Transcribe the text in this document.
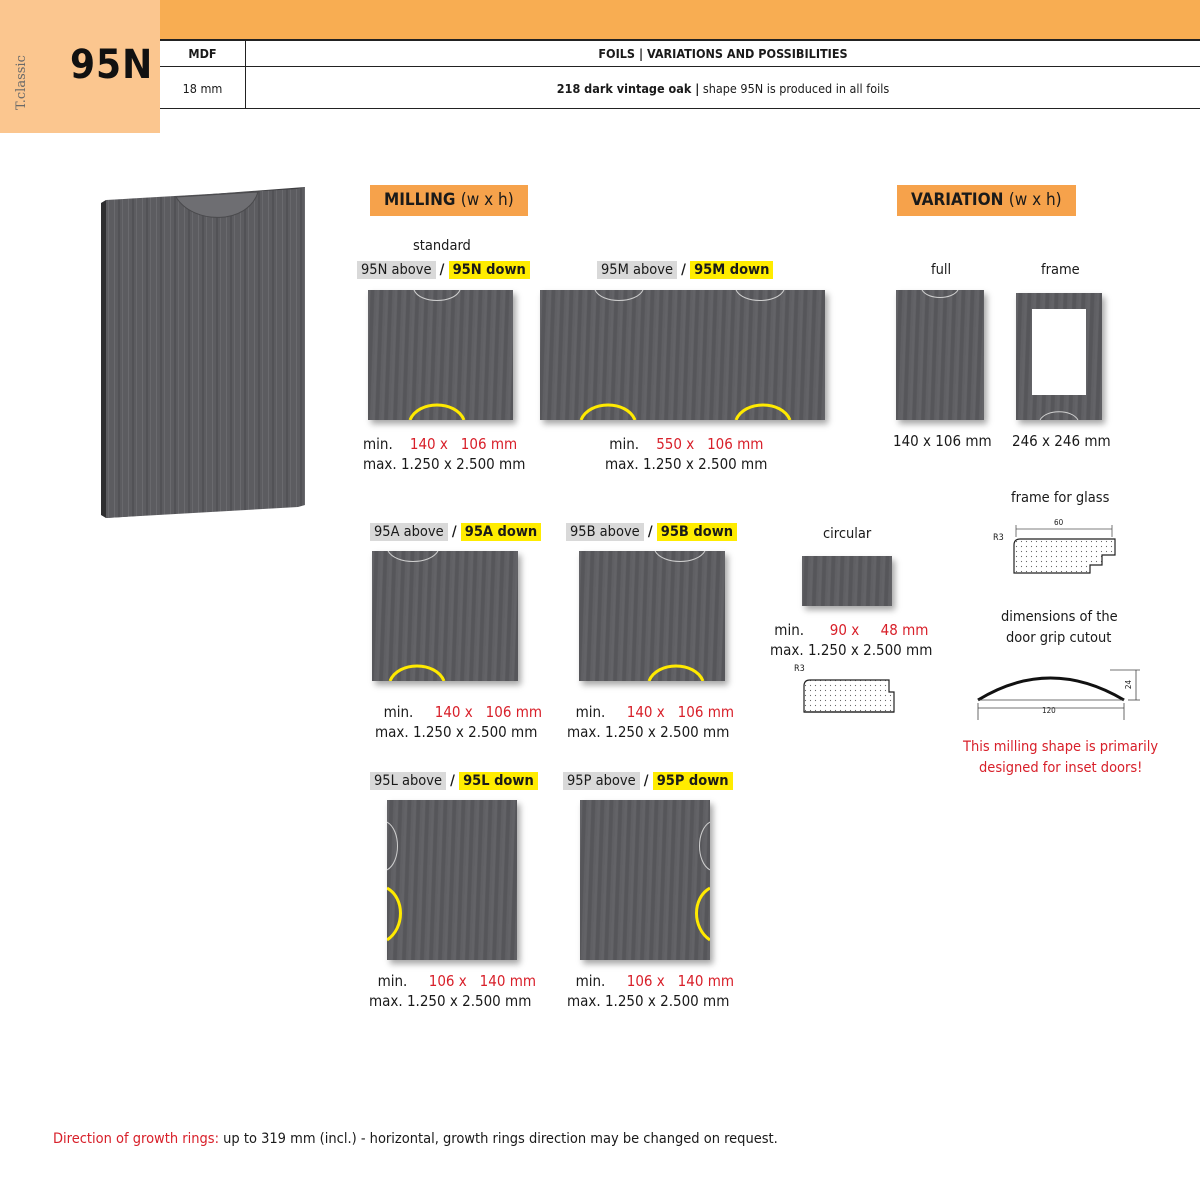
T.classic 95N	MDF	FOILS | VARIATIONS AND POSSIBILITIES
18 mm	218 dark vintage oak | shape 95N is produced in all foils
MILLING (w x h)	VARIATION (w x h)
standard
95N above / 95N down
min. 140 x 106 mm
max. 1.250 x 2.500 mm
95M above / 95M down
min. 550 x 106 mm
max. 1.250 x 2.500 mm
full	frame
140 x 106 mm 246 x 246 mm
95A above / 95A down
min. 140 x 106 mm
max. 1.250 x 2.500 mm
95B above / 95B down
min. 140 x 106 mm
max. 1.250 x 2.500 mm
circular
min. 90 x 48 mm
max. 1.250 x 2.500 mm
R3
frame for glass
R3
60
dimensions of the
door grip cutout
120
24
This milling shape is primarily
designed for inset doors!
95L above / 95L down
min. 106 x 140 mm
max. 1.250 x 2.500 mm
95P above / 95P down
min. 106 x 140 mm
max. 1.250 x 2.500 mm
Direction of growth rings: up to 319 mm (incl.) - horizontal, growth rings direction may be changed on request.
